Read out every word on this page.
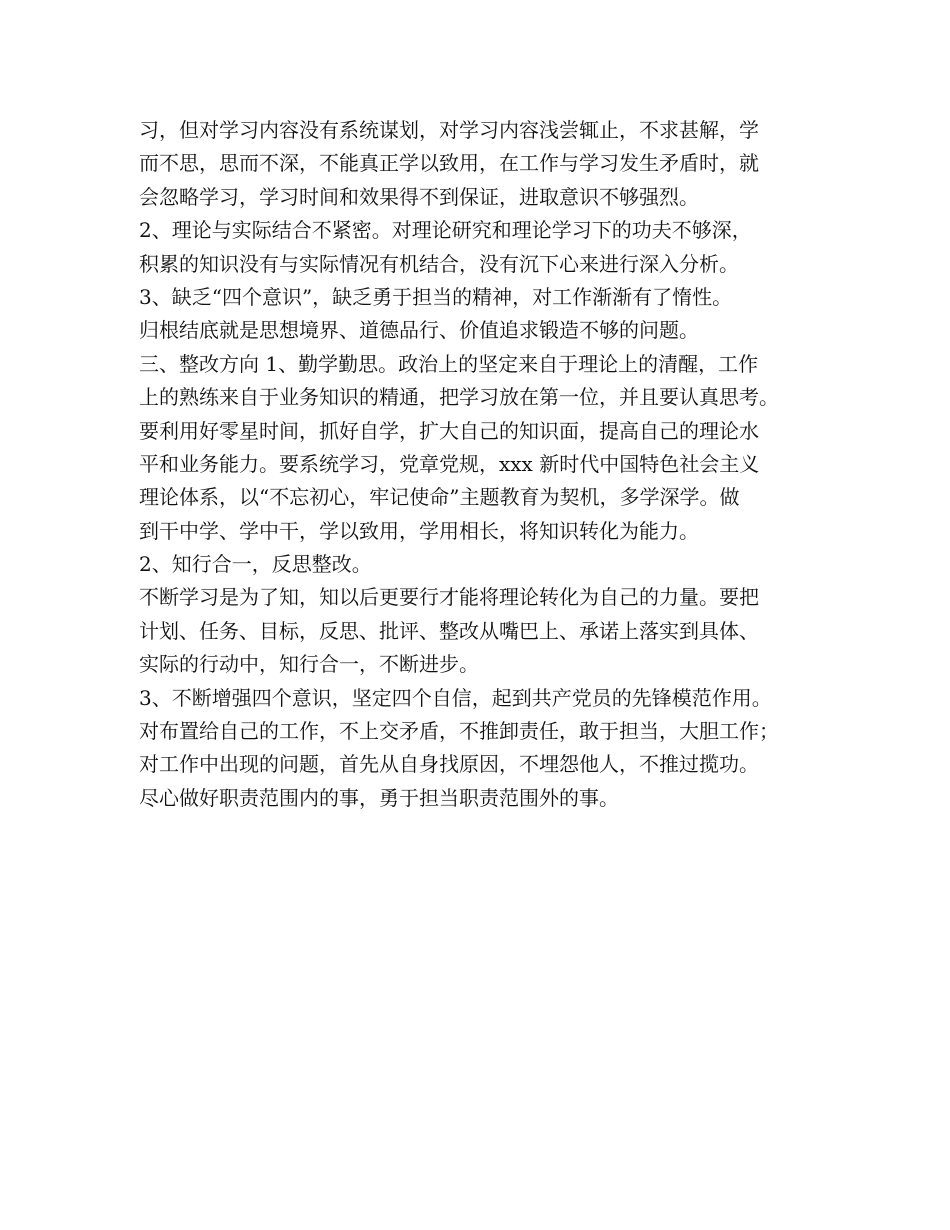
习，但对学习内容没有系统谋划，对学习内容浅尝辄止，不求甚解，学
而不思，思而不深，不能真正学以致用，在工作与学习发生矛盾时，就
会忽略学习，学习时间和效果得不到保证，进取意识不够强烈。
2、理论与实际结合不紧密。对理论研究和理论学习下的功夫不够深，
积累的知识没有与实际情况有机结合，没有沉下心来进行深入分析。
3、缺乏“四个意识”，缺乏勇于担当的精神，对工作渐渐有了惰性。
归根结底就是思想境界、道德品行、价值追求锻造不够的问题。
三、整改方向 1、勤学勤思。政治上的坚定来自于理论上的清醒，工作
上的熟练来自于业务知识的精通，把学习放在第一位，并且要认真思考。
要利用好零星时间，抓好自学，扩大自己的知识面，提高自己的理论水
平和业务能力。要系统学习，党章党规，xxx 新时代中国特色社会主义
理论体系，以“不忘初心，牢记使命”主题教育为契机，多学深学。做
到干中学、学中干，学以致用，学用相长，将知识转化为能力。
2、知行合一，反思整改。
不断学习是为了知，知以后更要行才能将理论转化为自己的力量。要把
计划、任务、目标，反思、批评、整改从嘴巴上、承诺上落实到具体、
实际的行动中，知行合一，不断进步。
3、不断增强四个意识，坚定四个自信，起到共产党员的先锋模范作用。
对布置给自己的工作，不上交矛盾，不推卸责任，敢于担当，大胆工作；
对工作中出现的问题，首先从自身找原因，不埋怨他人，不推过揽功。
尽心做好职责范围内的事，勇于担当职责范围外的事。
